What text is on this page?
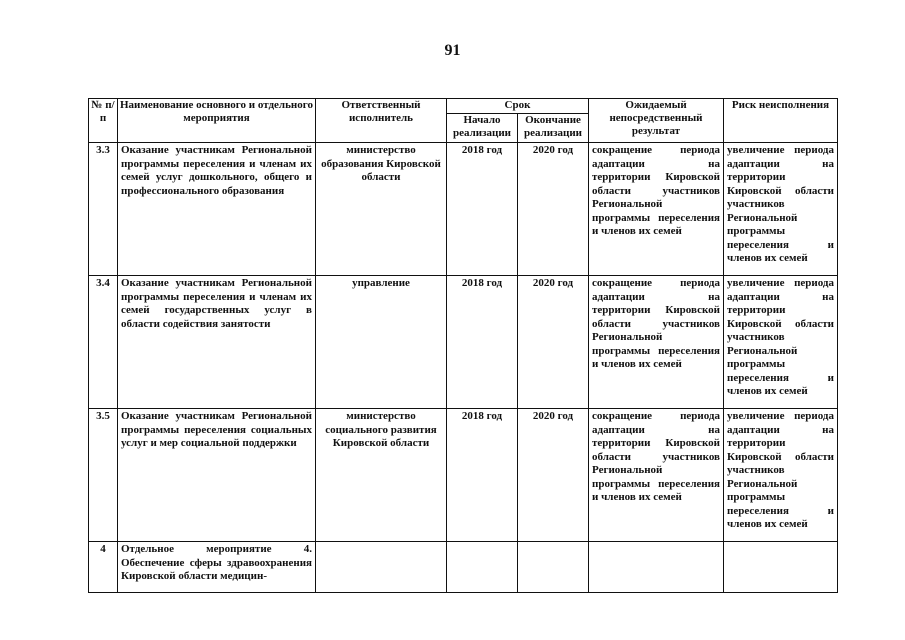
91
№ п/п	Наименование основного и отдельного мероприятия	Ответственный исполнитель	Срок		Ожидаемый непосредственный результат	Риск неисполнения
			Начало реализации	Окончание реализации		
3.3	Оказание участникам Региональной программы переселения и членам их семей услуг дошкольного, общего и профессионального образования	министерство образования Кировской области	2018 год	2020 год	сокращение периода адаптации на территории Кировской области участников Региональной программы переселения и членов их семей	увеличение периода адаптации на территории Кировской области участников Региональной программы переселения и членов их семей
3.4	Оказание участникам Региональной программы переселения и членам их семей государственных услуг в области содействия занятости	управление	2018 год	2020 год	сокращение периода адаптации на территории Кировской области участников Региональной программы переселения и членов их семей	увеличение периода адаптации на территории Кировской области участников Региональной программы переселения и членов их семей
3.5	Оказание участникам Региональной программы переселения социальных услуг и мер социальной поддержки	министерство социального развития Кировской области	2018 год	2020 год	сокращение периода адаптации на территории Кировской области участников Региональной программы переселения и членов их семей	увеличение периода адаптации на территории Кировской области участников Региональной программы переселения и членов их семей
4	Отдельное мероприятие 4. Обеспечение сферы здравоохранения Кировской области медицин-					
